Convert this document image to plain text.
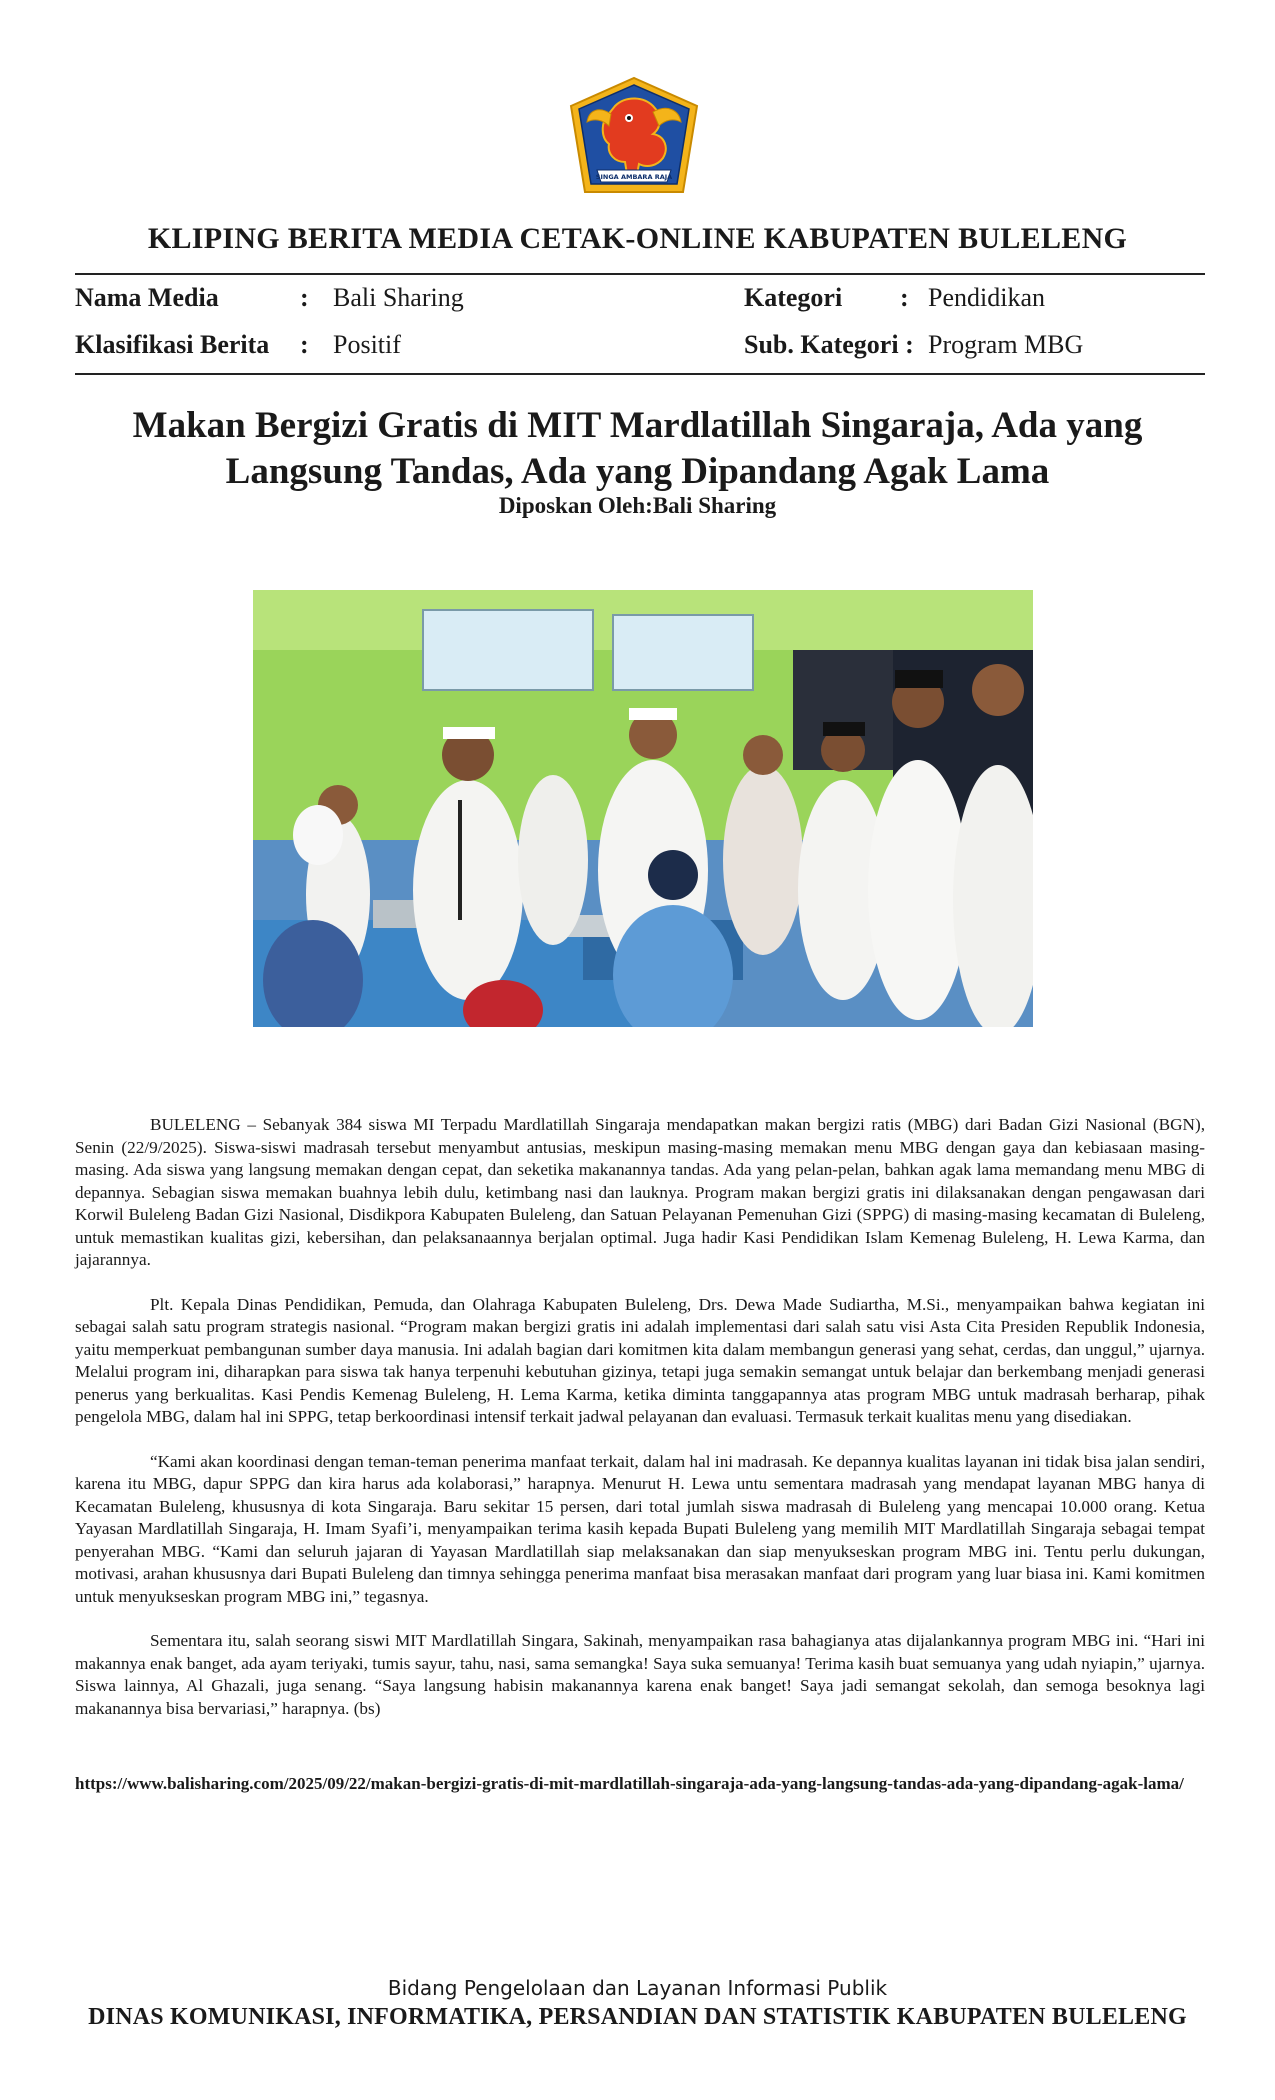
SINGA AMBARA RAJA
KLIPING BERITA MEDIA CETAK-ONLINE KABUPATEN BULELENG
Nama Media	: Bali Sharing	Kategori : Pendidikan
Klasifikasi Berita : Positif	Sub. Kategori : Program MBG
Makan Bergizi Gratis di MIT Mardlatillah Singaraja, Ada yang
Langsung Tandas, Ada yang Dipandang Agak Lama
Diposkan Oleh:Bali Sharing

BULELENG – Sebanyak 384 siswa MI Terpadu Mardlatillah Singaraja mendapatkan makan bergizi ratis (MBG) dari Badan Gizi Nasional (BGN), Senin (22/9/2025). Siswa-siswi madrasah tersebut menyambut antusias, meskipun masing-masing memakan menu MBG dengan gaya dan kebiasaan masing-masing. Ada siswa yang langsung memakan dengan cepat, dan seketika makanannya tandas. Ada yang pelan-pelan, bahkan agak lama memandang menu MBG di depannya. Sebagian siswa memakan buahnya lebih dulu, ketimbang nasi dan lauknya. Program makan bergizi gratis ini dilaksanakan dengan pengawasan dari Korwil Buleleng Badan Gizi Nasional, Disdikpora Kabupaten Buleleng, dan Satuan Pelayanan Pemenuhan Gizi (SPPG) di masing-masing kecamatan di Buleleng, untuk memastikan kualitas gizi, kebersihan, dan pelaksanaannya berjalan optimal. Juga hadir Kasi Pendidikan Islam Kemenag Buleleng, H. Lewa Karma, dan jajarannya.

Plt. Kepala Dinas Pendidikan, Pemuda, dan Olahraga Kabupaten Buleleng, Drs. Dewa Made Sudiartha, M.Si., menyampaikan bahwa kegiatan ini sebagai salah satu program strategis nasional. “Program makan bergizi gratis ini adalah implementasi dari salah satu visi Asta Cita Presiden Republik Indonesia, yaitu memperkuat pembangunan sumber daya manusia. Ini adalah bagian dari komitmen kita dalam membangun generasi yang sehat, cerdas, dan unggul,” ujarnya. Melalui program ini, diharapkan para siswa tak hanya terpenuhi kebutuhan gizinya, tetapi juga semakin semangat untuk belajar dan berkembang menjadi generasi penerus yang berkualitas. Kasi Pendis Kemenag Buleleng, H. Lema Karma, ketika diminta tanggapannya atas program MBG untuk madrasah berharap, pihak pengelola MBG, dalam hal ini SPPG, tetap berkoordinasi intensif terkait jadwal pelayanan dan evaluasi. Termasuk terkait kualitas menu yang disediakan.

“Kami akan koordinasi dengan teman-teman penerima manfaat terkait, dalam hal ini madrasah. Ke depannya kualitas layanan ini tidak bisa jalan sendiri, karena itu MBG, dapur SPPG dan kira harus ada kolaborasi,” harapnya. Menurut H. Lewa untu sementara madrasah yang mendapat layanan MBG hanya di Kecamatan Buleleng, khususnya di kota Singaraja. Baru sekitar 15 persen, dari total jumlah siswa madrasah di Buleleng yang mencapai 10.000 orang. Ketua Yayasan Mardlatillah Singaraja, H. Imam Syafi’i, menyampaikan terima kasih kepada Bupati Buleleng yang memilih MIT Mardlatillah Singaraja sebagai tempat penyerahan MBG. “Kami dan seluruh jajaran di Yayasan Mardlatillah siap melaksanakan dan siap menyukseskan program MBG ini. Tentu perlu dukungan, motivasi, arahan khususnya dari Bupati Buleleng dan timnya sehingga penerima manfaat bisa merasakan manfaat dari program yang luar biasa ini. Kami komitmen untuk menyukseskan program MBG ini,” tegasnya.

Sementara itu, salah seorang siswi MIT Mardlatillah Singara, Sakinah, menyampaikan rasa bahagianya atas dijalankannya program MBG ini. “Hari ini makannya enak banget, ada ayam teriyaki, tumis sayur, tahu, nasi, sama semangka! Saya suka semuanya! Terima kasih buat semuanya yang udah nyiapin,” ujarnya. Siswa lainnya, Al Ghazali, juga senang. “Saya langsung habisin makanannya karena enak banget! Saya jadi semangat sekolah, dan semoga besoknya lagi makanannya bisa bervariasi,” harapnya. (bs)

https://www.balisharing.com/2025/09/22/makan-bergizi-gratis-di-mit-mardlatillah-singaraja-ada-yang-langsung-tandas-ada-yang-dipandang-agak-lama/
Bidang Pengelolaan dan Layanan Informasi Publik
DINAS KOMUNIKASI, INFORMATIKA, PERSANDIAN DAN STATISTIK KABUPATEN BULELENG
